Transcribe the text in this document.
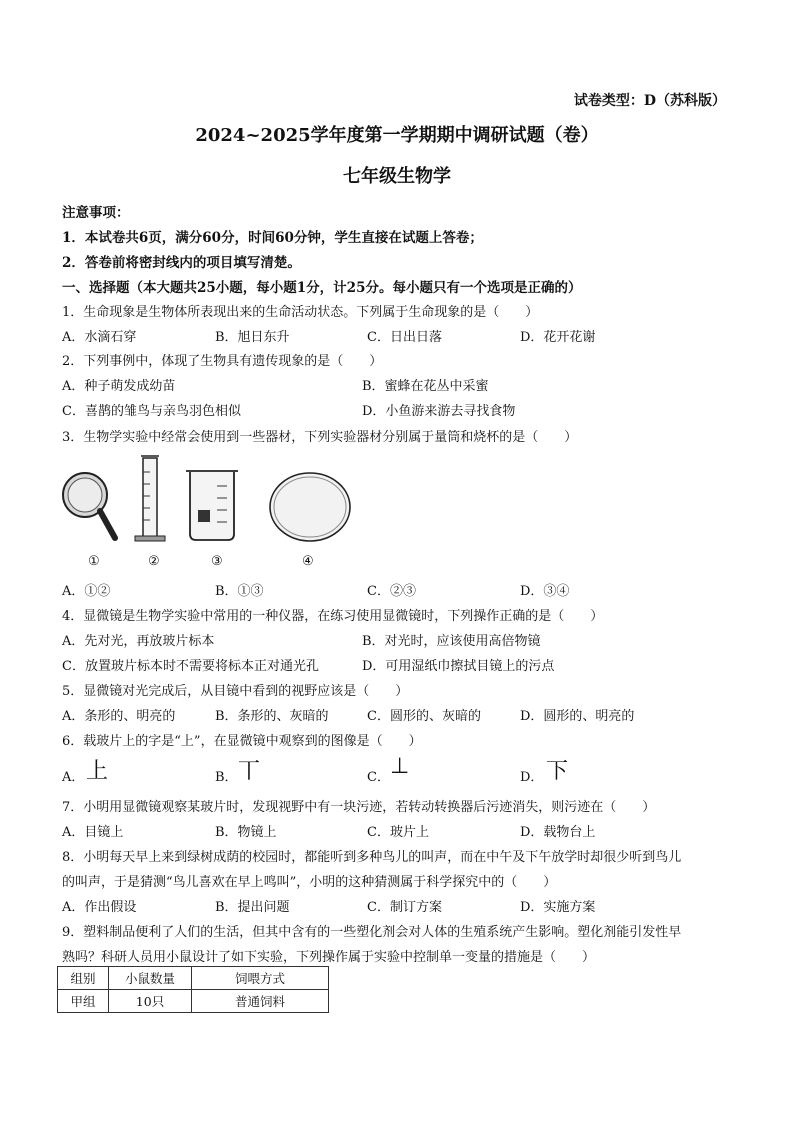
试卷类型：D（苏科版）
2024~2025学年度第一学期期中调研试题（卷）
七年级生物学
注意事项：
1．本试卷共6页，满分60分，时间60分钟，学生直接在试题上答卷；
2．答卷前将密封线内的项目填写清楚。
一、选择题（本大题共25小题，每小题1分，计25分。每小题只有一个选项是正确的）
1．生命现象是生物体所表现出来的生命活动状态。下列属于生命现象的是（　　）
A．水滴石穿	B．旭日东升	C．日出日落	D．花开花谢
2．下列事例中，体现了生物具有遗传现象的是（　　）
A．种子萌发成幼苗	B．蜜蜂在花丛中采蜜
C．喜鹊的雏鸟与亲鸟羽色相似	D．小鱼游来游去寻找食物
3．生物学实验中经常会使用到一些器材，下列实验器材分别属于量筒和烧杯的是（　　）
①	②	③	④
A．①②	B．①③	C．②③	D．③④
4．显微镜是生物学实验中常用的一种仪器，在练习使用显微镜时，下列操作正确的是（　　）
A．先对光，再放玻片标本	B．对光时，应该使用高倍物镜
C．放置玻片标本时不需要将标本正对通光孔	D．可用湿纸巾擦拭目镜上的污点
5．显微镜对光完成后，从目镜中看到的视野应该是（　　）
A．条形的、明亮的	B．条形的、灰暗的	C．圆形的、灰暗的	D．圆形的、明亮的
6．载玻片上的字是“上”，在显微镜中观察到的图像是（　　）
A． 上	B． 丅	C． ⊥	D． 下
7．小明用显微镜观察某玻片时，发现视野中有一块污迹，若转动转换器后污迹消失，则污迹在（　　）
A．目镜上	B．物镜上	C．玻片上	D．载物台上
8．小明每天早上来到绿树成荫的校园时，都能听到多种鸟儿的叫声，而在中午及下午放学时却很少听到鸟儿
的叫声，于是猜测“鸟儿喜欢在早上鸣叫”，小明的这种猜测属于科学探究中的（　　）
A．作出假设	B．提出问题	C．制订方案	D．实施方案
9．塑料制品便利了人们的生活，但其中含有的一些塑化剂会对人体的生殖系统产生影响。塑化剂能引发性早
熟吗？科研人员用小鼠设计了如下实验，下列操作属于实验中控制单一变量的措施是（　　）
组别	小鼠数量	饲喂方式
甲组	10只	普通饲料
